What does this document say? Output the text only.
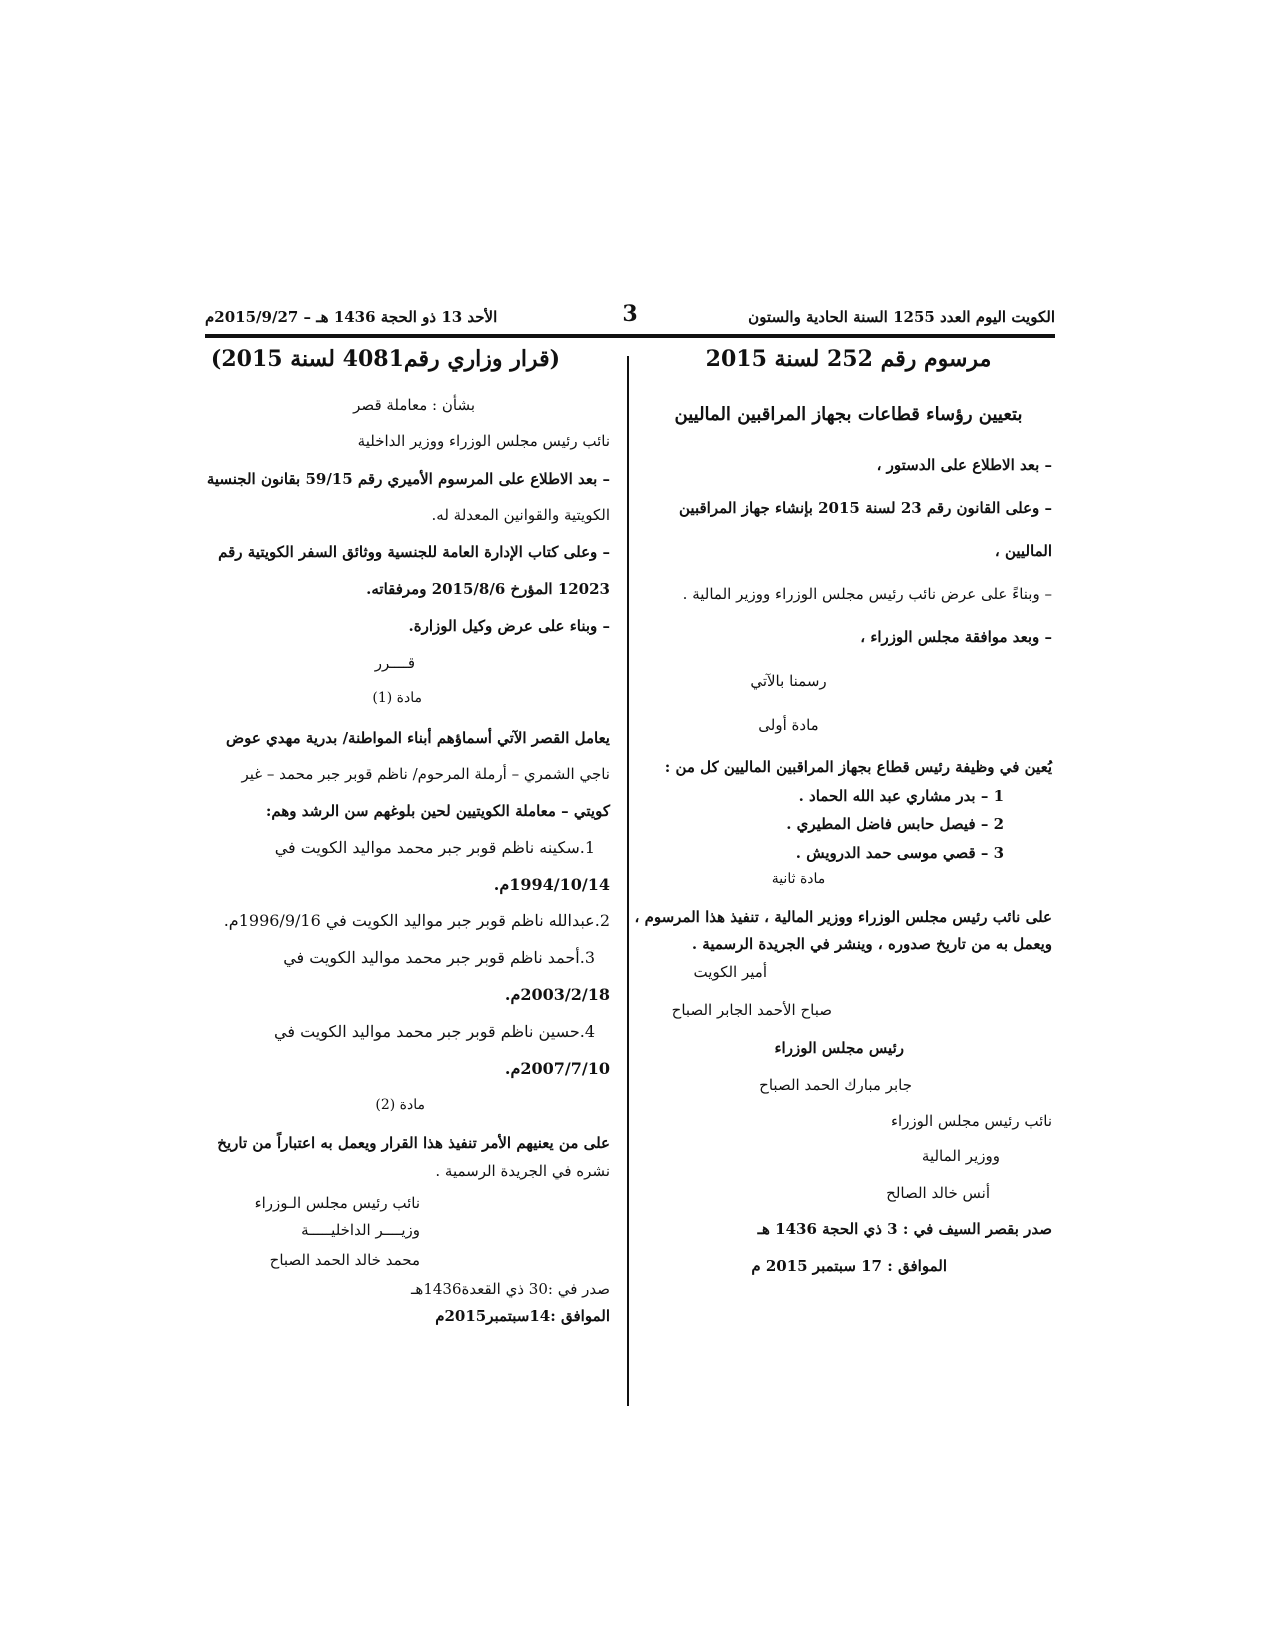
الكويت اليوم العدد 1255 السنة الحادية والستون
3
الأحد 13 ذو الحجة 1436 هـ – 2015/9/27م
مرسوم رقم 252 لسنة 2015
بتعيين رؤساء قطاعات بجهاز المراقبين الماليين
– بعد الاطلاع على الدستور ،
– وعلى القانون رقم 23 لسنة 2015 بإنشاء جهاز المراقبين
الماليين ،
– وبناءً على عرض نائب رئيس مجلس الوزراء ووزير المالية .
– وبعد موافقة مجلس الوزراء ،
رسمنا بالآتي
مادة أولى
يُعين في وظيفة رئيس قطاع بجهاز المراقبين الماليين كل من :
1 – بدر مشاري عبد الله الحماد .
2 – فيصل حابس فاضل المطيري .
3 – قصي موسى حمد الدرويش .
مادة ثانية
على نائب رئيس مجلس الوزراء ووزير المالية ، تنفيذ هذا المرسوم ،
ويعمل به من تاريخ صدوره ، وينشر في الجريدة الرسمية .
أمير الكويت
صباح الأحمد الجابر الصباح
رئيس مجلس الوزراء
جابر مبارك الحمد الصباح
نائب رئيس مجلس الوزراء
ووزير المالية
أنس خالد الصالح
صدر بقصر السيف في : 3 ذي الحجة 1436 هـ
الموافق : 17 سبتمبر 2015 م
(قرار وزاري رقم4081 لسنة 2015)
بشأن : معاملة قصر
نائب رئيس مجلس الوزراء ووزير الداخلية
– بعد الاطلاع على المرسوم الأميري رقم 59/15 بقانون الجنسية
الكويتية والقوانين المعدلة له.
– وعلى كتاب الإدارة العامة للجنسية ووثائق السفر الكويتية رقم
12023 المؤرخ 2015/8/6 ومرفقاته.
– وبناء على عرض وكيل الوزارة.
قــــرر
مادة (1)
يعامل القصر الآتي أسماؤهم أبناء المواطنة/ بدرية مهدي عوض
ناجي الشمري – أرملة المرحوم/ ناظم قوبر جبر محمد – غير
كويتي – معاملة الكويتيين لحين بلوغهم سن الرشد وهم:
1.سكينه ناظم قوبر جبر محمد مواليد الكويت في
1994/10/14م.
2.عبدالله ناظم قوبر جبر مواليد الكويت في 1996/9/16م.
3.أحمد ناظم قوبر جبر محمد مواليد الكويت في
2003/2/18م.
4.حسين ناظم قوبر جبر محمد مواليد الكويت في
2007/7/10م.
مادة (2)
على من يعنيهم الأمر تنفيذ هذا القرار ويعمل به اعتباراً من تاريخ
نشره في الجريدة الرسمية .
نائب رئيس مجلس الـوزراء
وزيــــر الداخليـــــة
محمد خالد الحمد الصباح
صدر في :30 ذي القعدة1436هـ
الموافق :14سبتمبر2015م
